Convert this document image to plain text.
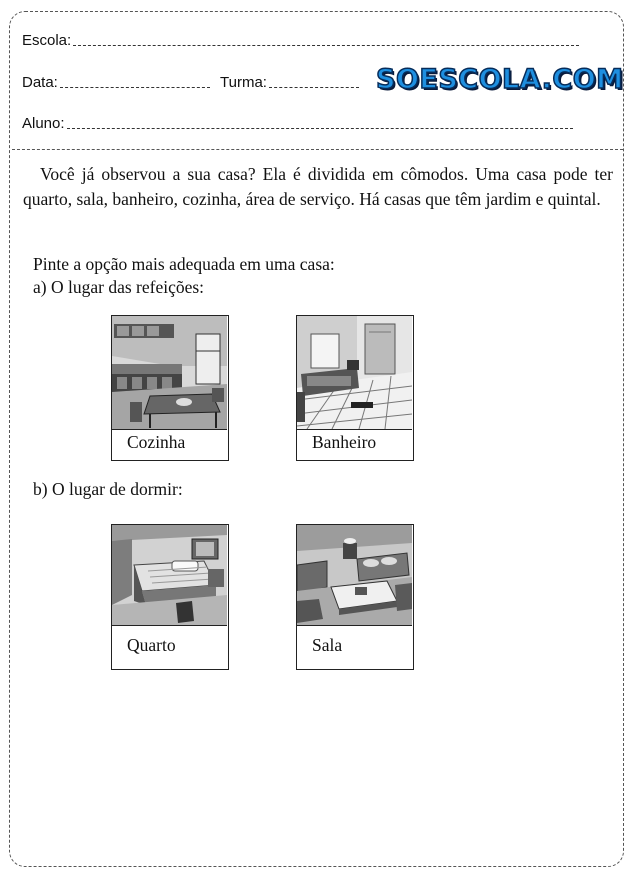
Escola:
Data:	Turma:	SOESCOLA.COM
Aluno:
Você já observou a sua casa? Ela é dividida em cômodos. Uma casa pode ter quarto, sala, banheiro, cozinha, área de serviço. Há casas que têm jardim e quintal.
Pinte a opção mais adequada em uma casa:
a) O lugar das refeições:
Cozinha	Banheiro
b) O lugar de dormir:
Quarto	Sala
